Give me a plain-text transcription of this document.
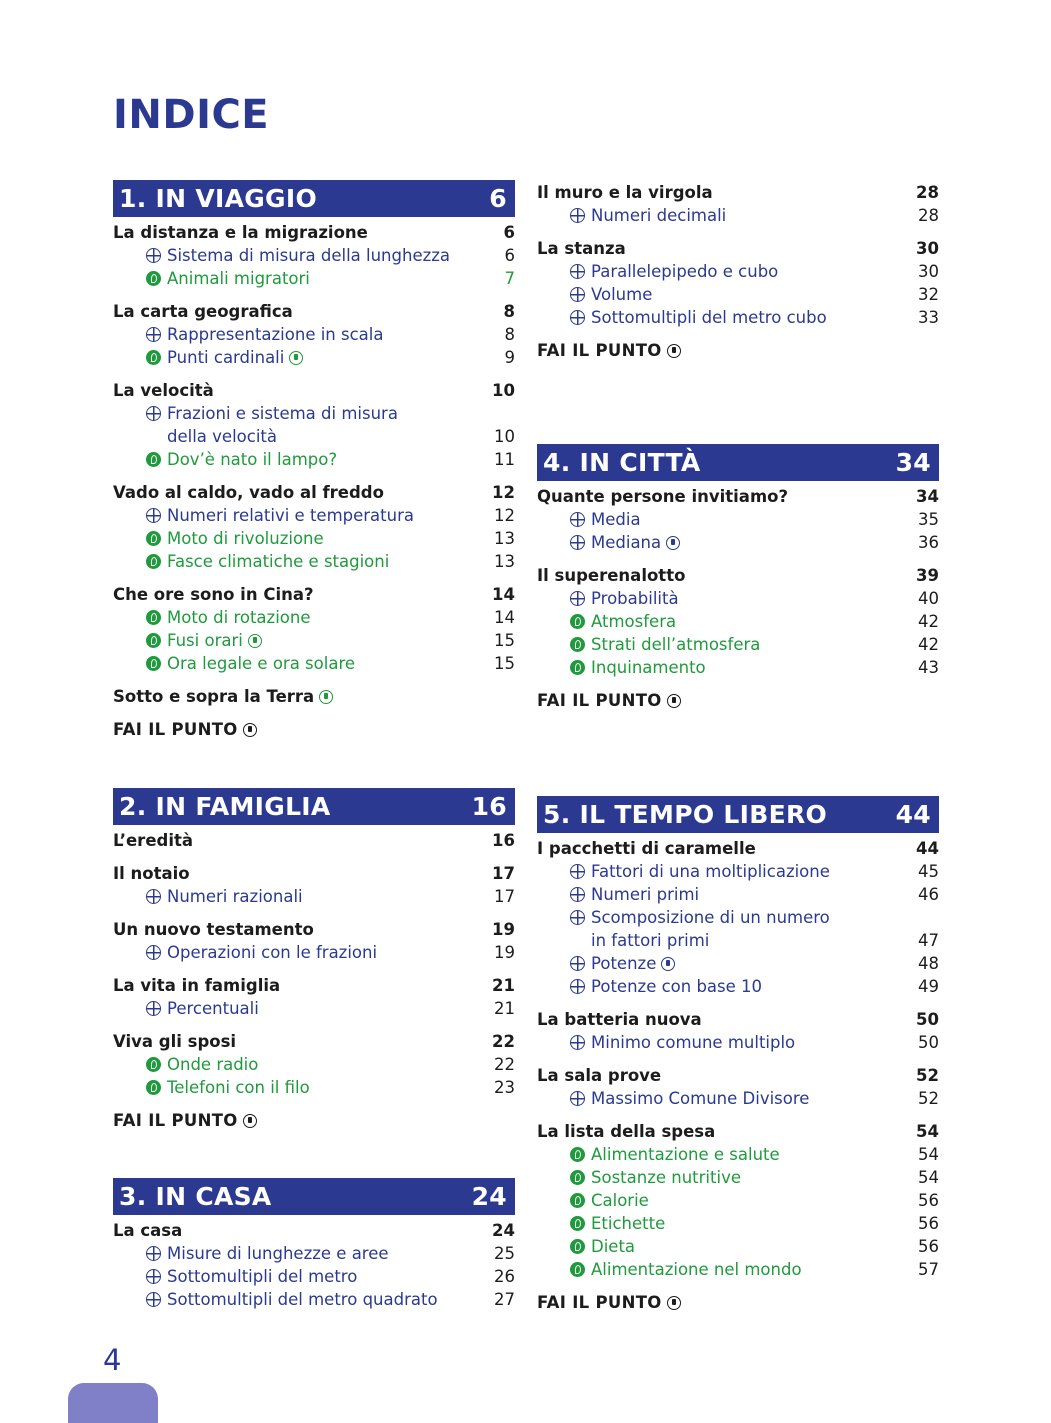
INDICE
1. IN VIAGGIO	6
La distanza e la migrazione	6
Sistema di misura della lunghezza	6
Animali migratori	7
La carta geografica	8
Rappresentazione in scala	8
Punti cardinali	9
La velocità	10
Frazioni e sistema di misura
della velocità	10
Dov’è nato il lampo?	11
Vado al caldo, vado al freddo	12
Numeri relativi e temperatura	12
Moto di rivoluzione	13
Fasce climatiche e stagioni	13
Che ore sono in Cina?	14
Moto di rotazione	14
Fusi orari	15
Ora legale e ora solare	15
Sotto e sopra la Terra
FAI IL PUNTO
2. IN FAMIGLIA	16
L’eredità	16
Il notaio	17
Numeri razionali	17
Un nuovo testamento	19
Operazioni con le frazioni	19
La vita in famiglia	21
Percentuali	21
Viva gli sposi	22
Onde radio	22
Telefoni con il filo	23
FAI IL PUNTO
3. IN CASA	24
La casa	24
Misure di lunghezze e aree	25
Sottomultipli del metro	26
Sottomultipli del metro quadrato	27
Il muro e la virgola	28
Numeri decimali	28
La stanza	30
Parallelepipedo e cubo	30
Volume	32
Sottomultipli del metro cubo	33
FAI IL PUNTO
4. IN CITTÀ	34
Quante persone invitiamo?	34
Media	35
Mediana	36
Il superenalotto	39
Probabilità	40
Atmosfera	42
Strati dell’atmosfera	42
Inquinamento	43
FAI IL PUNTO
5. IL TEMPO LIBERO	44
I pacchetti di caramelle	44
Fattori di una moltiplicazione	45
Numeri primi	46
Scomposizione di un numero
in fattori primi	47
Potenze	48
Potenze con base 10	49
La batteria nuova	50
Minimo comune multiplo	50
La sala prove	52
Massimo Comune Divisore	52
La lista della spesa	54
Alimentazione e salute	54
Sostanze nutritive	54
Calorie	56
Etichette	56
Dieta	56
Alimentazione nel mondo	57
FAI IL PUNTO
4
